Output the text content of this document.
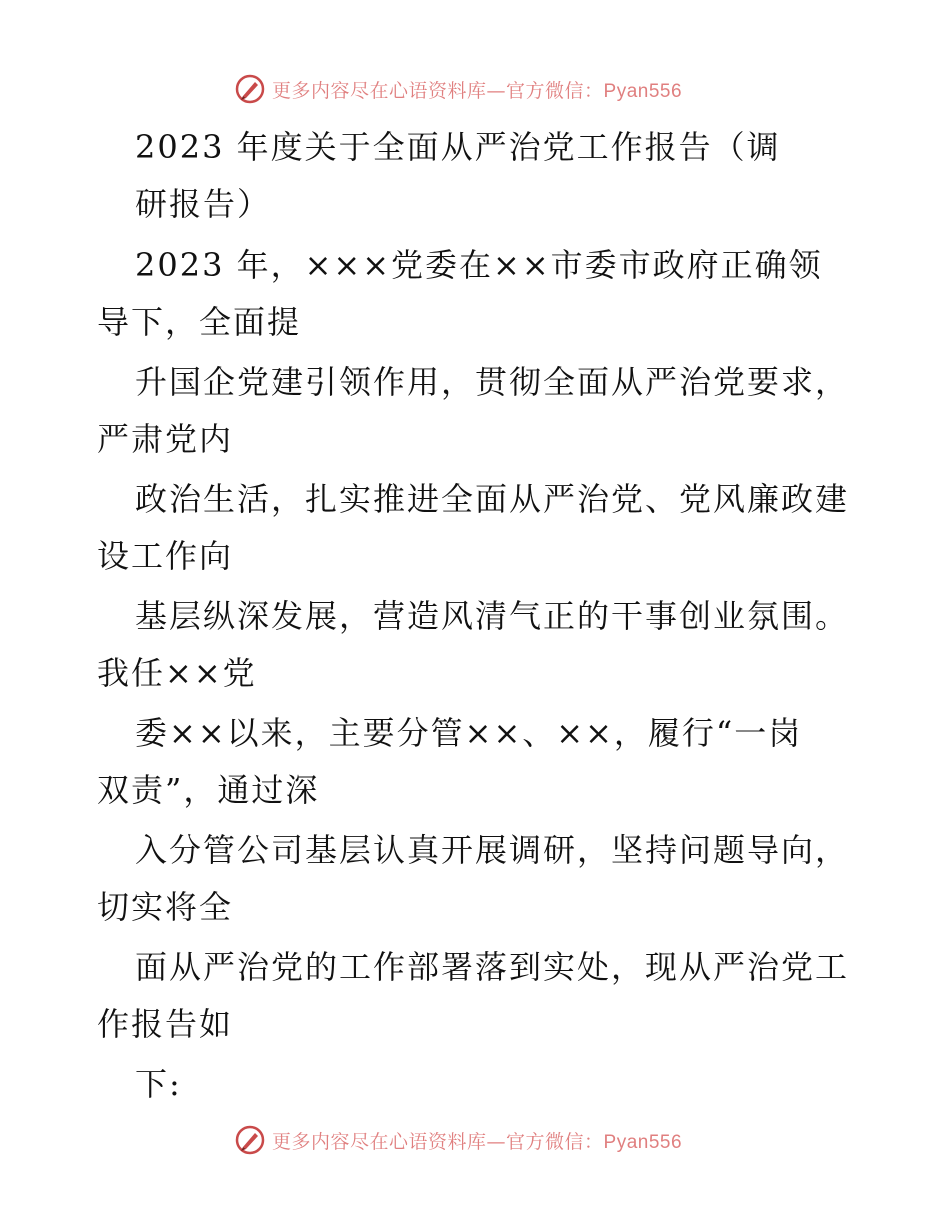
更多内容尽在心语资料库—官方微信：Pyan556
2023 年度关于全面从严治党工作报告（调
研报告）
2023 年，×××党委在××市委市政府正确领
导下，全面提
升国企党建引领作用，贯彻全面从严治党要求，
严肃党内
政治生活，扎实推进全面从严治党、党风廉政建
设工作向
基层纵深发展，营造风清气正的干事创业氛围。
我任××党
委××以来，主要分管××、××，履行“一岗
双责”，通过深
入分管公司基层认真开展调研，坚持问题导向，
切实将全
面从严治党的工作部署落到实处，现从严治党工
作报告如
下:
更多内容尽在心语资料库—官方微信：Pyan556
